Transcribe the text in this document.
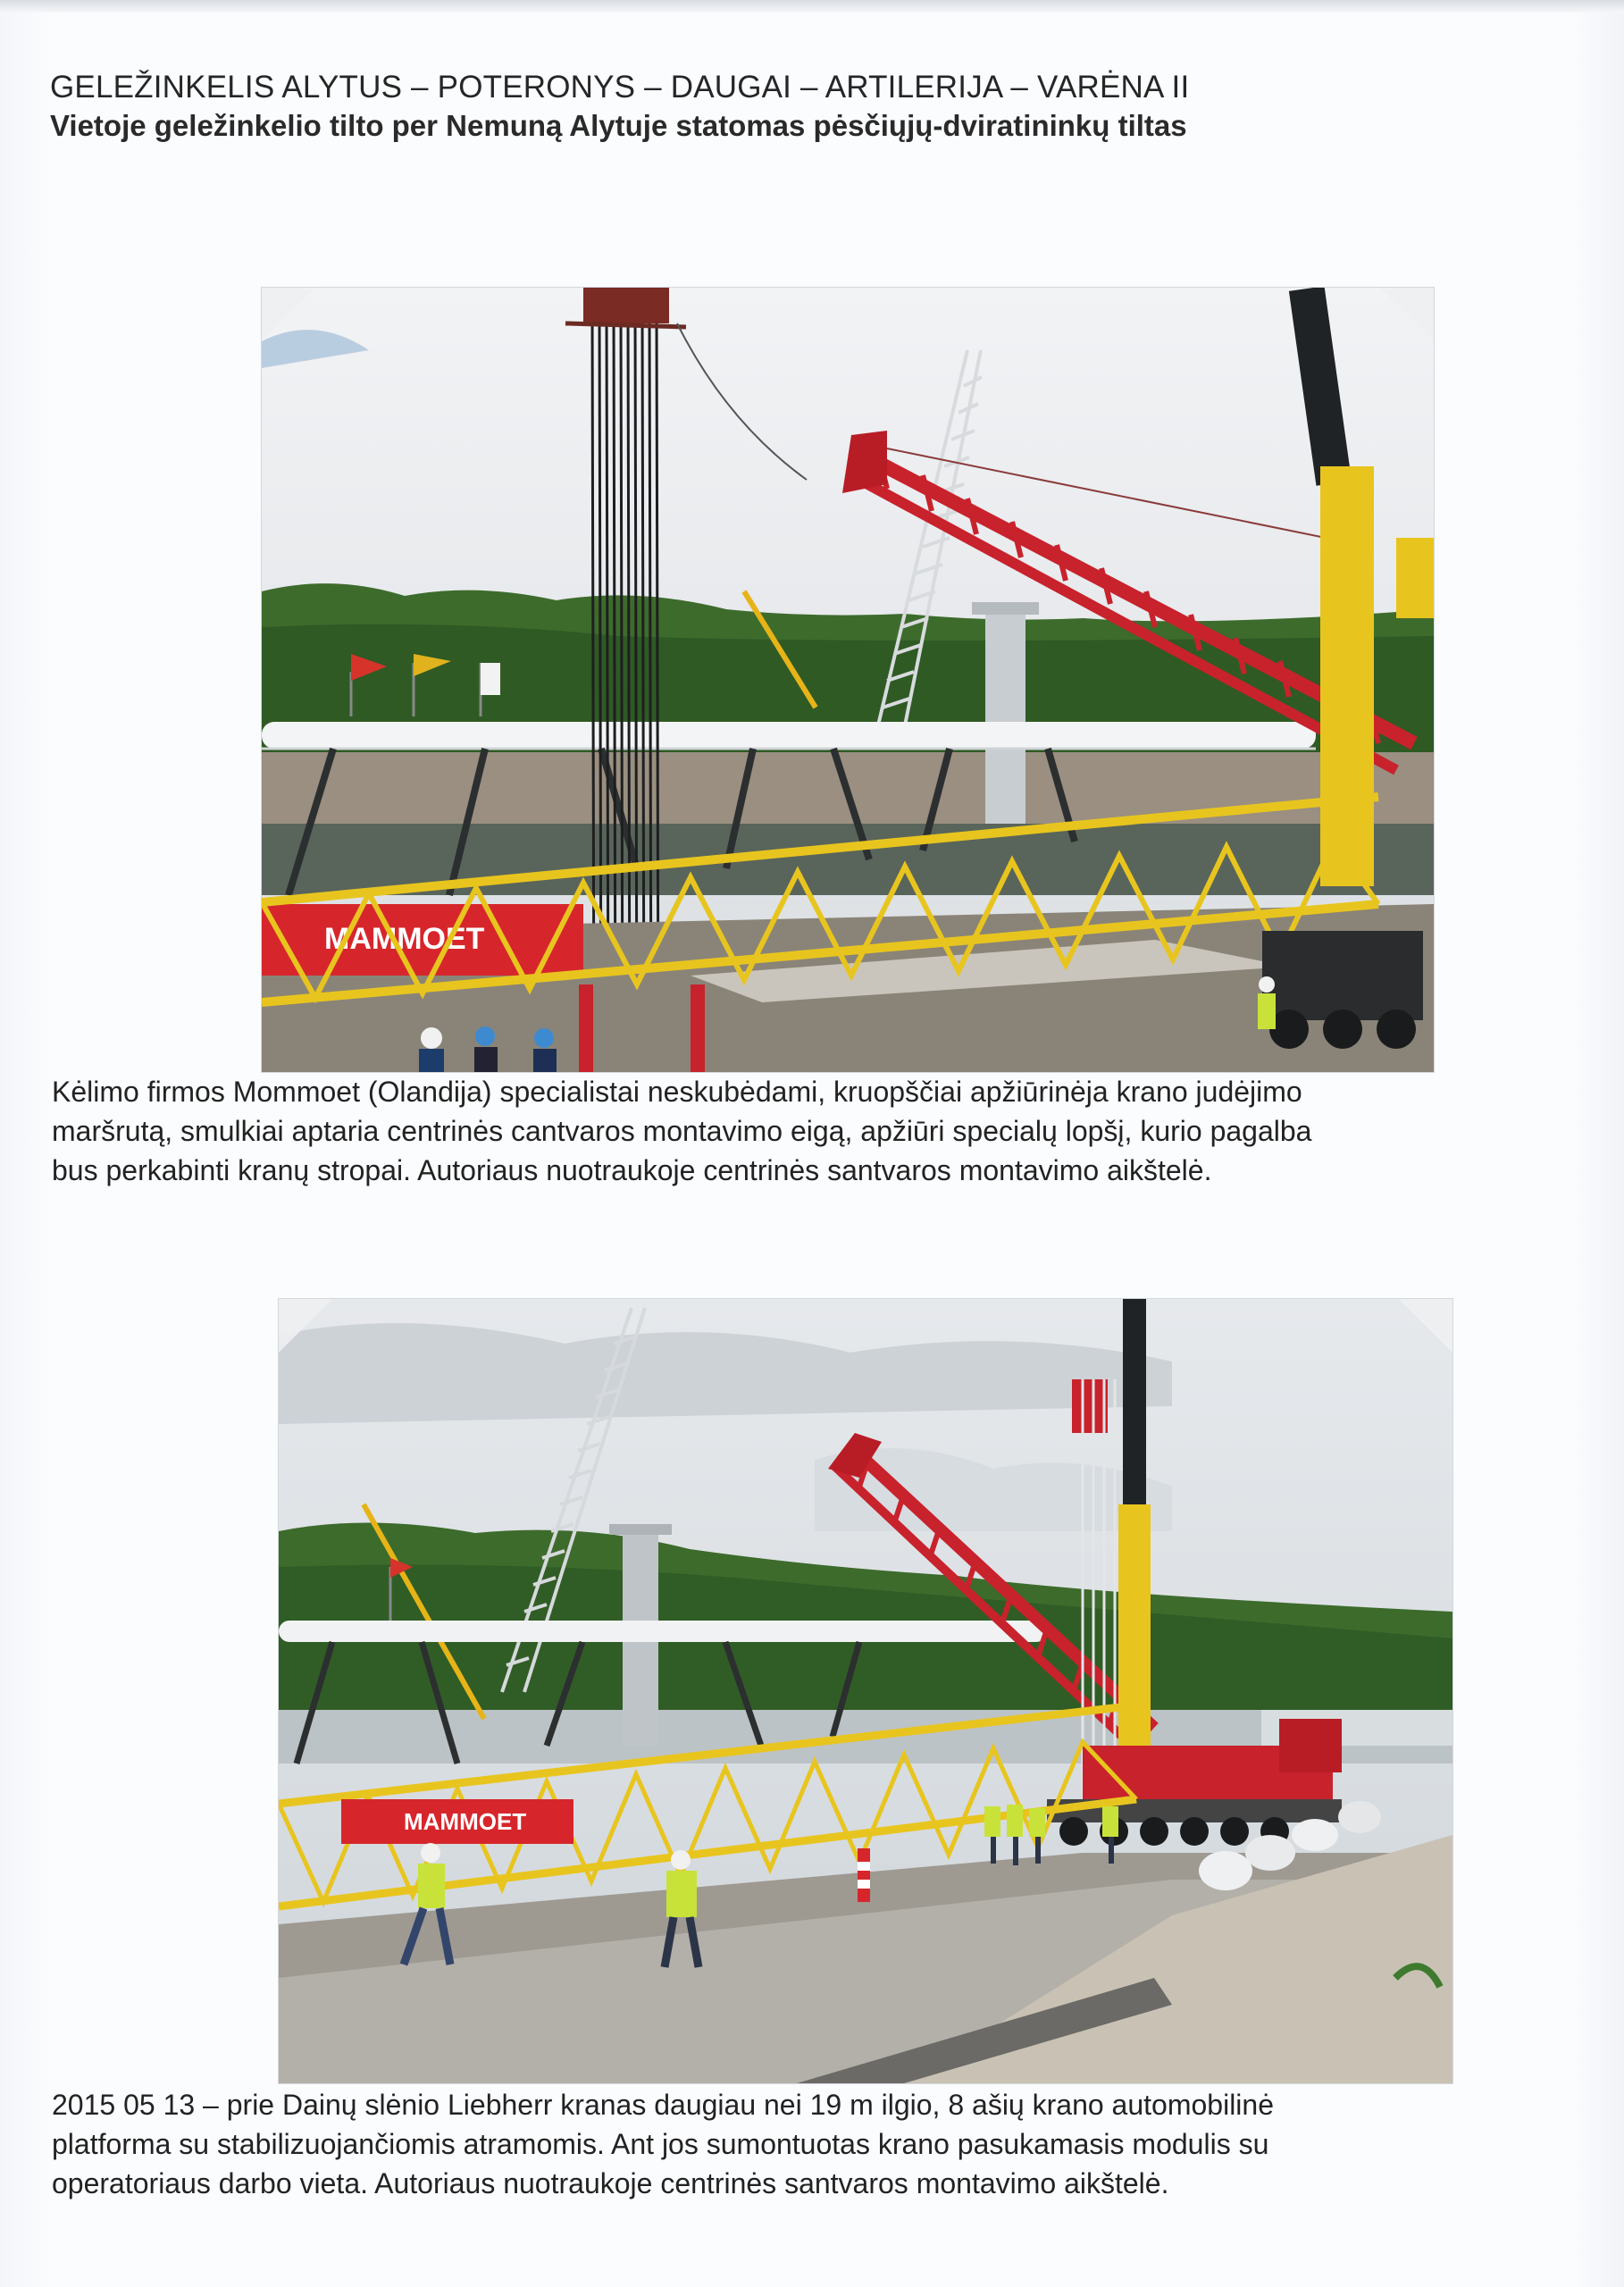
GELEŽINKELIS ALYTUS – POTERONYS – DAUGAI – ARTILERIJA – VARĖNA II
Vietoje geležinkelio tilto per Nemuną Alytuje statomas pėsčiųjų-dviratininkų tiltas
MAMMOET
Kėlimo firmos Mommoet (Olandija) specialistai neskubėdami, kruopščiai apžiūrinėja krano judėjimo
maršrutą, smulkiai aptaria centrinės cantvaros montavimo eigą, apžiūri specialų lopšį, kurio pagalba
bus perkabinti kranų stropai. Autoriaus nuotraukoje centrinės santvaros montavimo aikštelė.
MAMMOET
2015 05 13 – prie Dainų slėnio Liebherr kranas daugiau nei 19 m ilgio, 8 ašių krano automobilinė
platforma su stabilizuojančiomis atramomis. Ant jos sumontuotas krano pasukamasis modulis su
operatoriaus darbo vieta. Autoriaus nuotraukoje centrinės santvaros montavimo aikštelė.
